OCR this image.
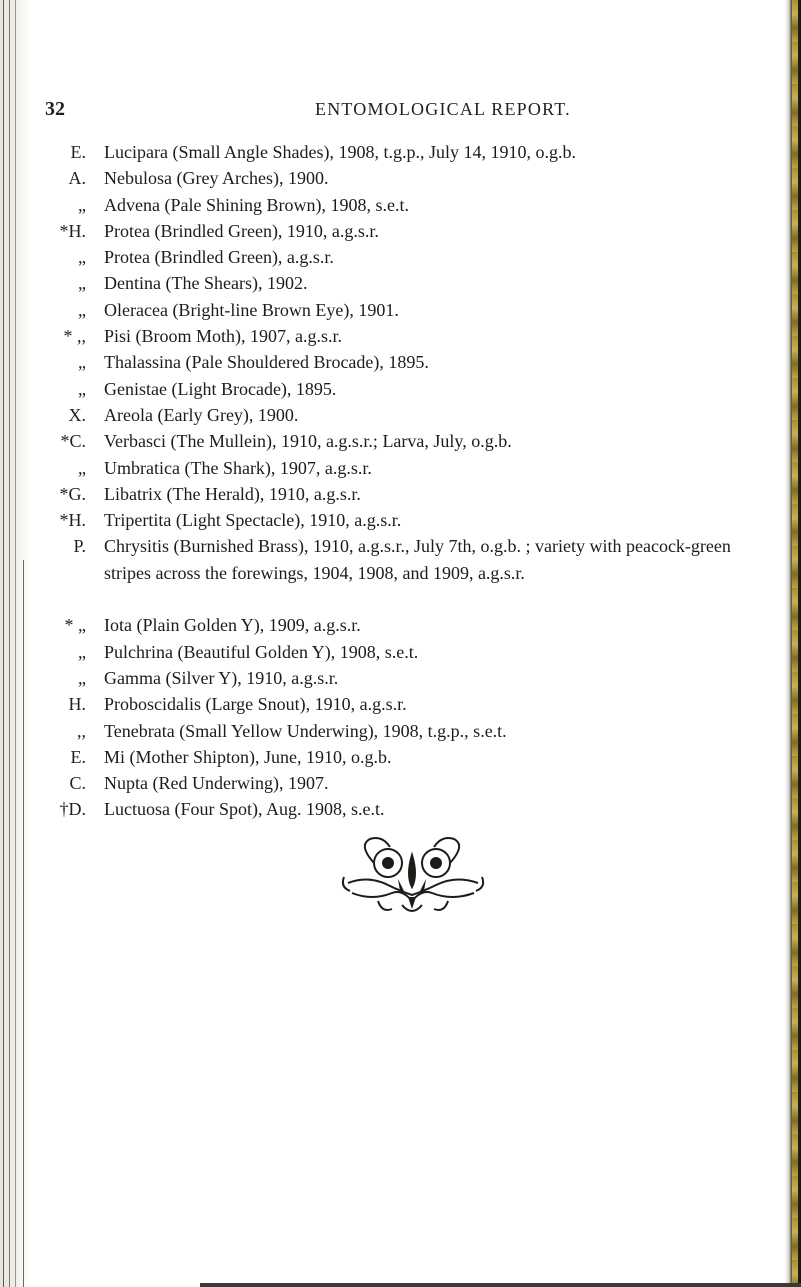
32	ENTOMOLOGICAL REPORT.
E. Lucipara (Small Angle Shades), 1908, t.g.p., July 14, 1910, o.g.b.

A. Nebulosa (Grey Arches), 1900.

„ Advena (Pale Shining Brown), 1908, s.e.t.

*H. Protea (Brindled Green), 1910, a.g.s.r.

„ Protea (Brindled Green), a.g.s.r.

„ Dentina (The Shears), 1902.

„ Oleracea (Bright-line Brown Eye), 1901.

* ,, Pisi (Broom Moth), 1907, a.g.s.r.

„ Thalassina (Pale Shouldered Brocade), 1895.

„ Genistae (Light Brocade), 1895.

X. Areola (Early Grey), 1900.

*C. Verbasci (The Mullein), 1910, a.g.s.r.; Larva, July, o.g.b.

„ Umbratica (The Shark), 1907, a.g.s.r.

*G. Libatrix (The Herald), 1910, a.g.s.r.

*H. Tripertita (Light Spectacle), 1910, a.g.s.r.

P. Chrysitis (Burnished Brass), 1910, a.g.s.r., July 7th, o.g.b. ; variety with peacock-green stripes across the forewings, 1904, 1908, and 1909, a.g.s.r.

* „ Iota (Plain Golden Y), 1909, a.g.s.r.

„ Pulchrina (Beautiful Golden Y), 1908, s.e.t.

„ Gamma (Silver Y), 1910, a.g.s.r.

H. Proboscidalis (Large Snout), 1910, a.g.s.r.

,, Tenebrata (Small Yellow Underwing), 1908, t.g.p., s.e.t.

E. Mi (Mother Shipton), June, 1910, o.g.b.

C. Nupta (Red Underwing), 1907.

†D. Luctuosa (Four Spot), Aug. 1908, s.e.t.
